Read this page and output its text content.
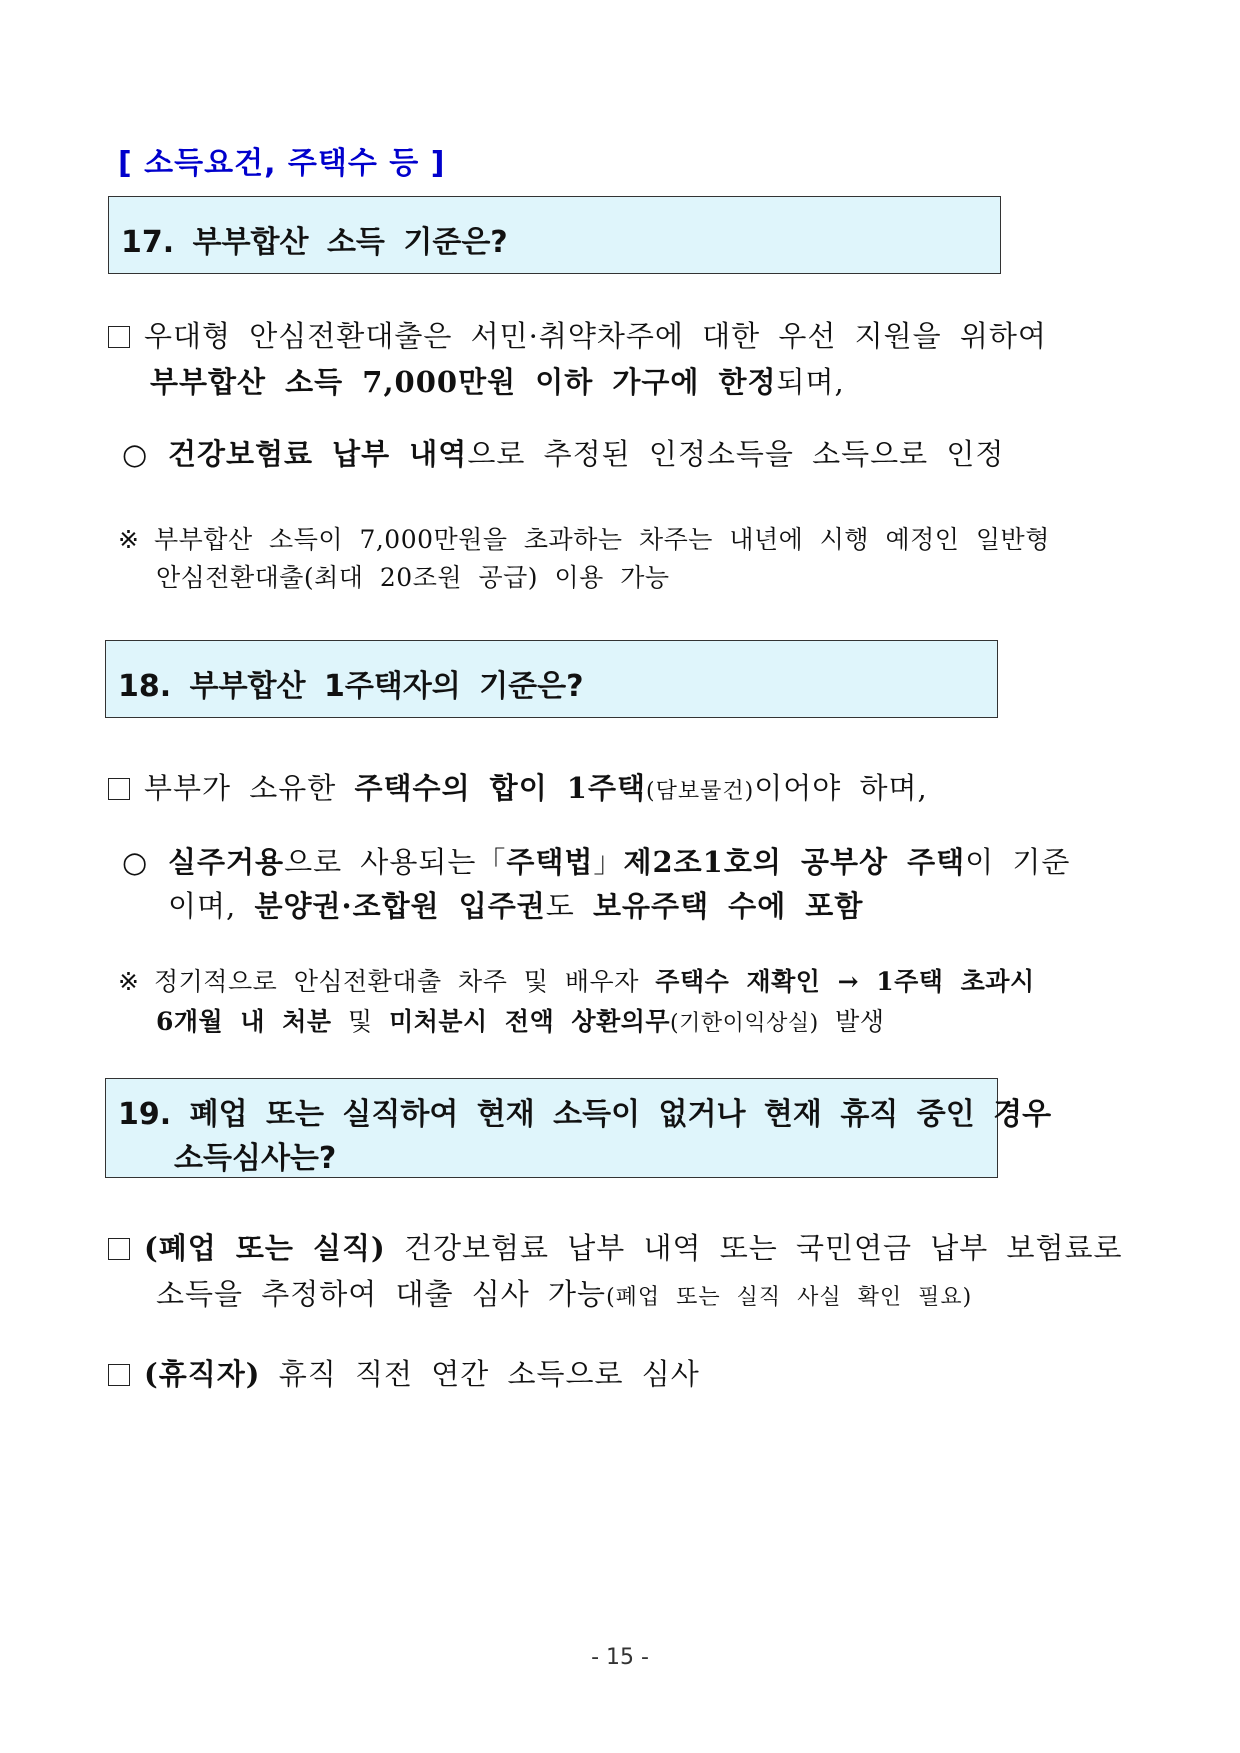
[ 소득요건, 주택수 등 ]
17. 부부합산 소득 기준은?
우대형 안심전환대출은 서민·취약차주에 대한 우선 지원을 위하여
부부합산 소득 7,000만원 이하 가구에 한정되며,
○ 건강보험료 납부 내역으로 추정된 인정소득을 소득으로 인정
※ 부부합산 소득이 7,000만원을 초과하는 차주는 내년에 시행 예정인 일반형
안심전환대출(최대 20조원 공급) 이용 가능
18. 부부합산 1주택자의 기준은?
부부가 소유한 주택수의 합이 1주택(담보물건)이어야 하며,
○ 실주거용으로 사용되는「주택법」제2조1호의 공부상 주택이 기준
이며, 분양권·조합원 입주권도 보유주택 수에 포함
※ 정기적으로 안심전환대출 차주 및 배우자 주택수 재확인 → 1주택 초과시
6개월 내 처분 및 미처분시 전액 상환의무(기한이익상실) 발생
19. 폐업 또는 실직하여 현재 소득이 없거나 현재 휴직 중인 경우
소득심사는?
(폐업 또는 실직) 건강보험료 납부 내역 또는 국민연금 납부 보험료로
소득을 추정하여 대출 심사 가능(폐업 또는 실직 사실 확인 필요)
(휴직자) 휴직 직전 연간 소득으로 심사
- 15 -
